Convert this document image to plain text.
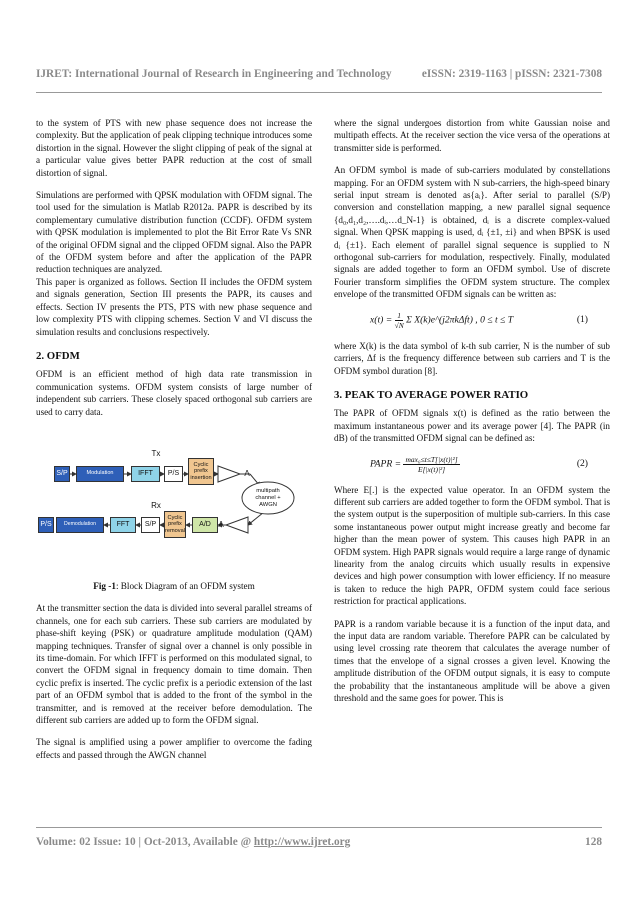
IJRET: International Journal of Research in Engineering and Technology	eISSN: 2319-1163 | pISSN: 2321-7308

to the system of PTS with new phase sequence does not increase the complexity. But the application of peak clipping technique introduces some distortion in the signal. However the slight clipping of peak of the signal at a particular value gives better PAPR reduction at the cost of small distortion of signal.

Simulations are performed with QPSK modulation with OFDM signal. The tool used for the simulation is Matlab R2012a. PAPR is described by its complementary cumulative distribution function (CCDF). OFDM system with QPSK modulation is implemented to plot the Bit Error Rate Vs SNR of the original OFDM signal and the clipped OFDM signal. Also the PAPR of the OFDM system before and after the application of the PAPR reduction techniques are analyzed.

This paper is organized as follows. Section II includes the OFDM system and signals generation, Section III presents the PAPR, its causes and effects. Section IV presents the PTS, PTS with new phase sequence and low complexity PTS with clipping schemes. Section V and VI discuss the simulation results and conclusions respectively.

2. OFDM

OFDM is an efficient method of high data rate transmission in communication systems. OFDM system consists of large number of independent sub carriers. These closely spaced orthogonal sub carriers are used to carry data.

Tx
S/P	Modulation	IFFT	P/S
Cyclic prefix insertion	A
multipath channel + AWGN
Rx
P/S	Demodulation	FFT	S/P
Cyclic prefix removal
A/D A

Fig -1: Block Diagram of an OFDM system

At the transmitter section the data is divided into several parallel streams of channels, one for each sub carriers. These sub carriers are modulated by phase-shift keying (PSK) or quadrature amplitude modulation (QAM) mapping techniques. Transfer of signal over a channel is only possible in its time-domain. For which IFFT is performed on this modulated signal, to convert the OFDM signal in frequency domain to time domain. Then cyclic prefix is inserted. The cyclic prefix is a periodic extension of the last part of an OFDM symbol that is added to the front of the symbol in the transmitter, and is removed at the receiver before demodulation. The different sub carriers are added up to form the OFDM signal.

The signal is amplified using a power amplifier to overcome the fading effects and passed through the AWGN channel

where the signal undergoes distortion from white Gaussian noise and multipath effects. At the receiver section the vice versa of the operations at transmitter side is performed.

An OFDM symbol is made of sub-carriers modulated by constellations mapping. For an OFDM system with N sub-carriers, the high-speed binary serial input stream is denoted as{aᵢ}. After serial to parallel (S/P) conversion and constellation mapping, a new parallel signal sequence {d₀,d₁,d₂,….dᵢ,…d_N-1} is obtained, dᵢ is a discrete complex-valued signal. When QPSK mapping is used, dᵢ {±1, ±i} and when BPSK is used dᵢ {±1}. Each element of parallel signal sequence is supplied to N orthogonal sub-carriers for modulation, respectively. Finally, modulated signals are added together to form an OFDM symbol. Use of discrete Fourier transform simplifies the OFDM system structure. The complex envelope of the transmitted OFDM signals can be written as:

$x(t) = \frac{1}{√N}$ Σ X(k)e^(j2πkΔft) , 0 ≤ t ≤ T	(1)

where X(k) is the data symbol of k-th sub carrier, N is the number of sub carriers, Δf is the frequency difference between sub carriers and T is the OFDM symbol duration [8].

3. PEAK TO AVERAGE POWER RATIO

The PAPR of OFDM signals x(t) is defined as the ratio between the maximum instantaneous power and its average power [4]. The PAPR (in dB) of the transmitted OFDM signal can be defined as:

PAPR = $\frac{\text{max₀≤t≤T[|x(t)|²]}}{\text{E[|x(t)|²]}}$	(2)

Where E[.] is the expected value operator. In an OFDM system the different sub carriers are added together to form the OFDM symbol. That is the system output is the superposition of multiple sub-carriers. In this case some instantaneous power output might increase greatly and become far higher than the mean power of system. This causes high PAPR in an OFDM system. High PAPR signals would require a large range of dynamic linearity from the analog circuits which usually results in expensive devices and high power consumption with lower efficiency. If no measure is taken to reduce the high PAPR, OFDM system could face serious restriction for practical applications.

PAPR is a random variable because it is a function of the input data, and the input data are random variable. Therefore PAPR can be calculated by using level crossing rate theorem that calculates the average number of times that the envelope of a signal crosses a given level. Knowing the amplitude distribution of the OFDM output signals, it is easy to compute the probability that the instantaneous amplitude will be above a given threshold and the same goes for power. This is

Volume: 02 Issue: 10 | Oct-2013, Available @ http://www.ijret.org	128
